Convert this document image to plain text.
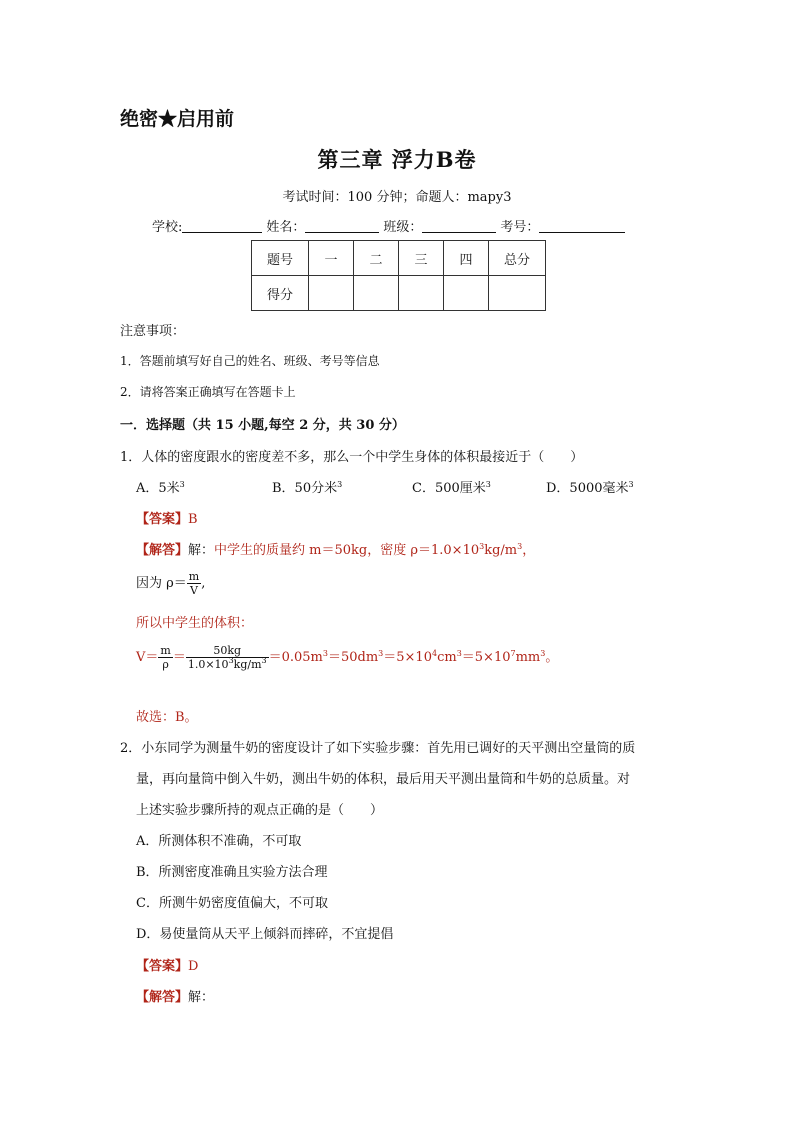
绝密★启用前
第三章 浮力B卷
考试时间：100 分钟；命题人：mapy3
学校:	姓名：	班级：	考号：
题号	一	二	三	四	总分
得分					
注意事项：
1．答题前填写好自己的姓名、班级、考号等信息
2．请将答案正确填写在答题卡上
一．选择题（共 15 小题,每空 2 分，共 30 分）
1．人体的密度跟水的密度差不多，那么一个中学生身体的体积最接近于（　　）
A．5米$^3$	B．50分米$^3$	C．500厘米$^3$	D．5000毫米$^3$
【答案】B
【解答】解：中学生的质量约 m＝50kg，密度 $\rho=1.0\times 10^3kg/m^3$，
因为 $\rho= \frac{m}{V}$ ,
所以中学生的体积：
$V= \frac{m}{\rho} = \frac{50kg}{1.0\times 10^3kg/m^3} =0.05m^3=50dm^3=5\times 10^4cm^3=5\times 10^7mm^3$。
故选：B。
2．小东同学为测量牛奶的密度设计了如下实验步骤：首先用已调好的天平测出空量筒的质
量，再向量筒中倒入牛奶，测出牛奶的体积，最后用天平测出量筒和牛奶的总质量。对
上述实验步骤所持的观点正确的是（　　）
A．所测体积不准确，不可取
B．所测密度准确且实验方法合理
C．所测牛奶密度值偏大，不可取
D．易使量筒从天平上倾斜而摔碎，不宜提倡
【答案】D
【解答】解：
